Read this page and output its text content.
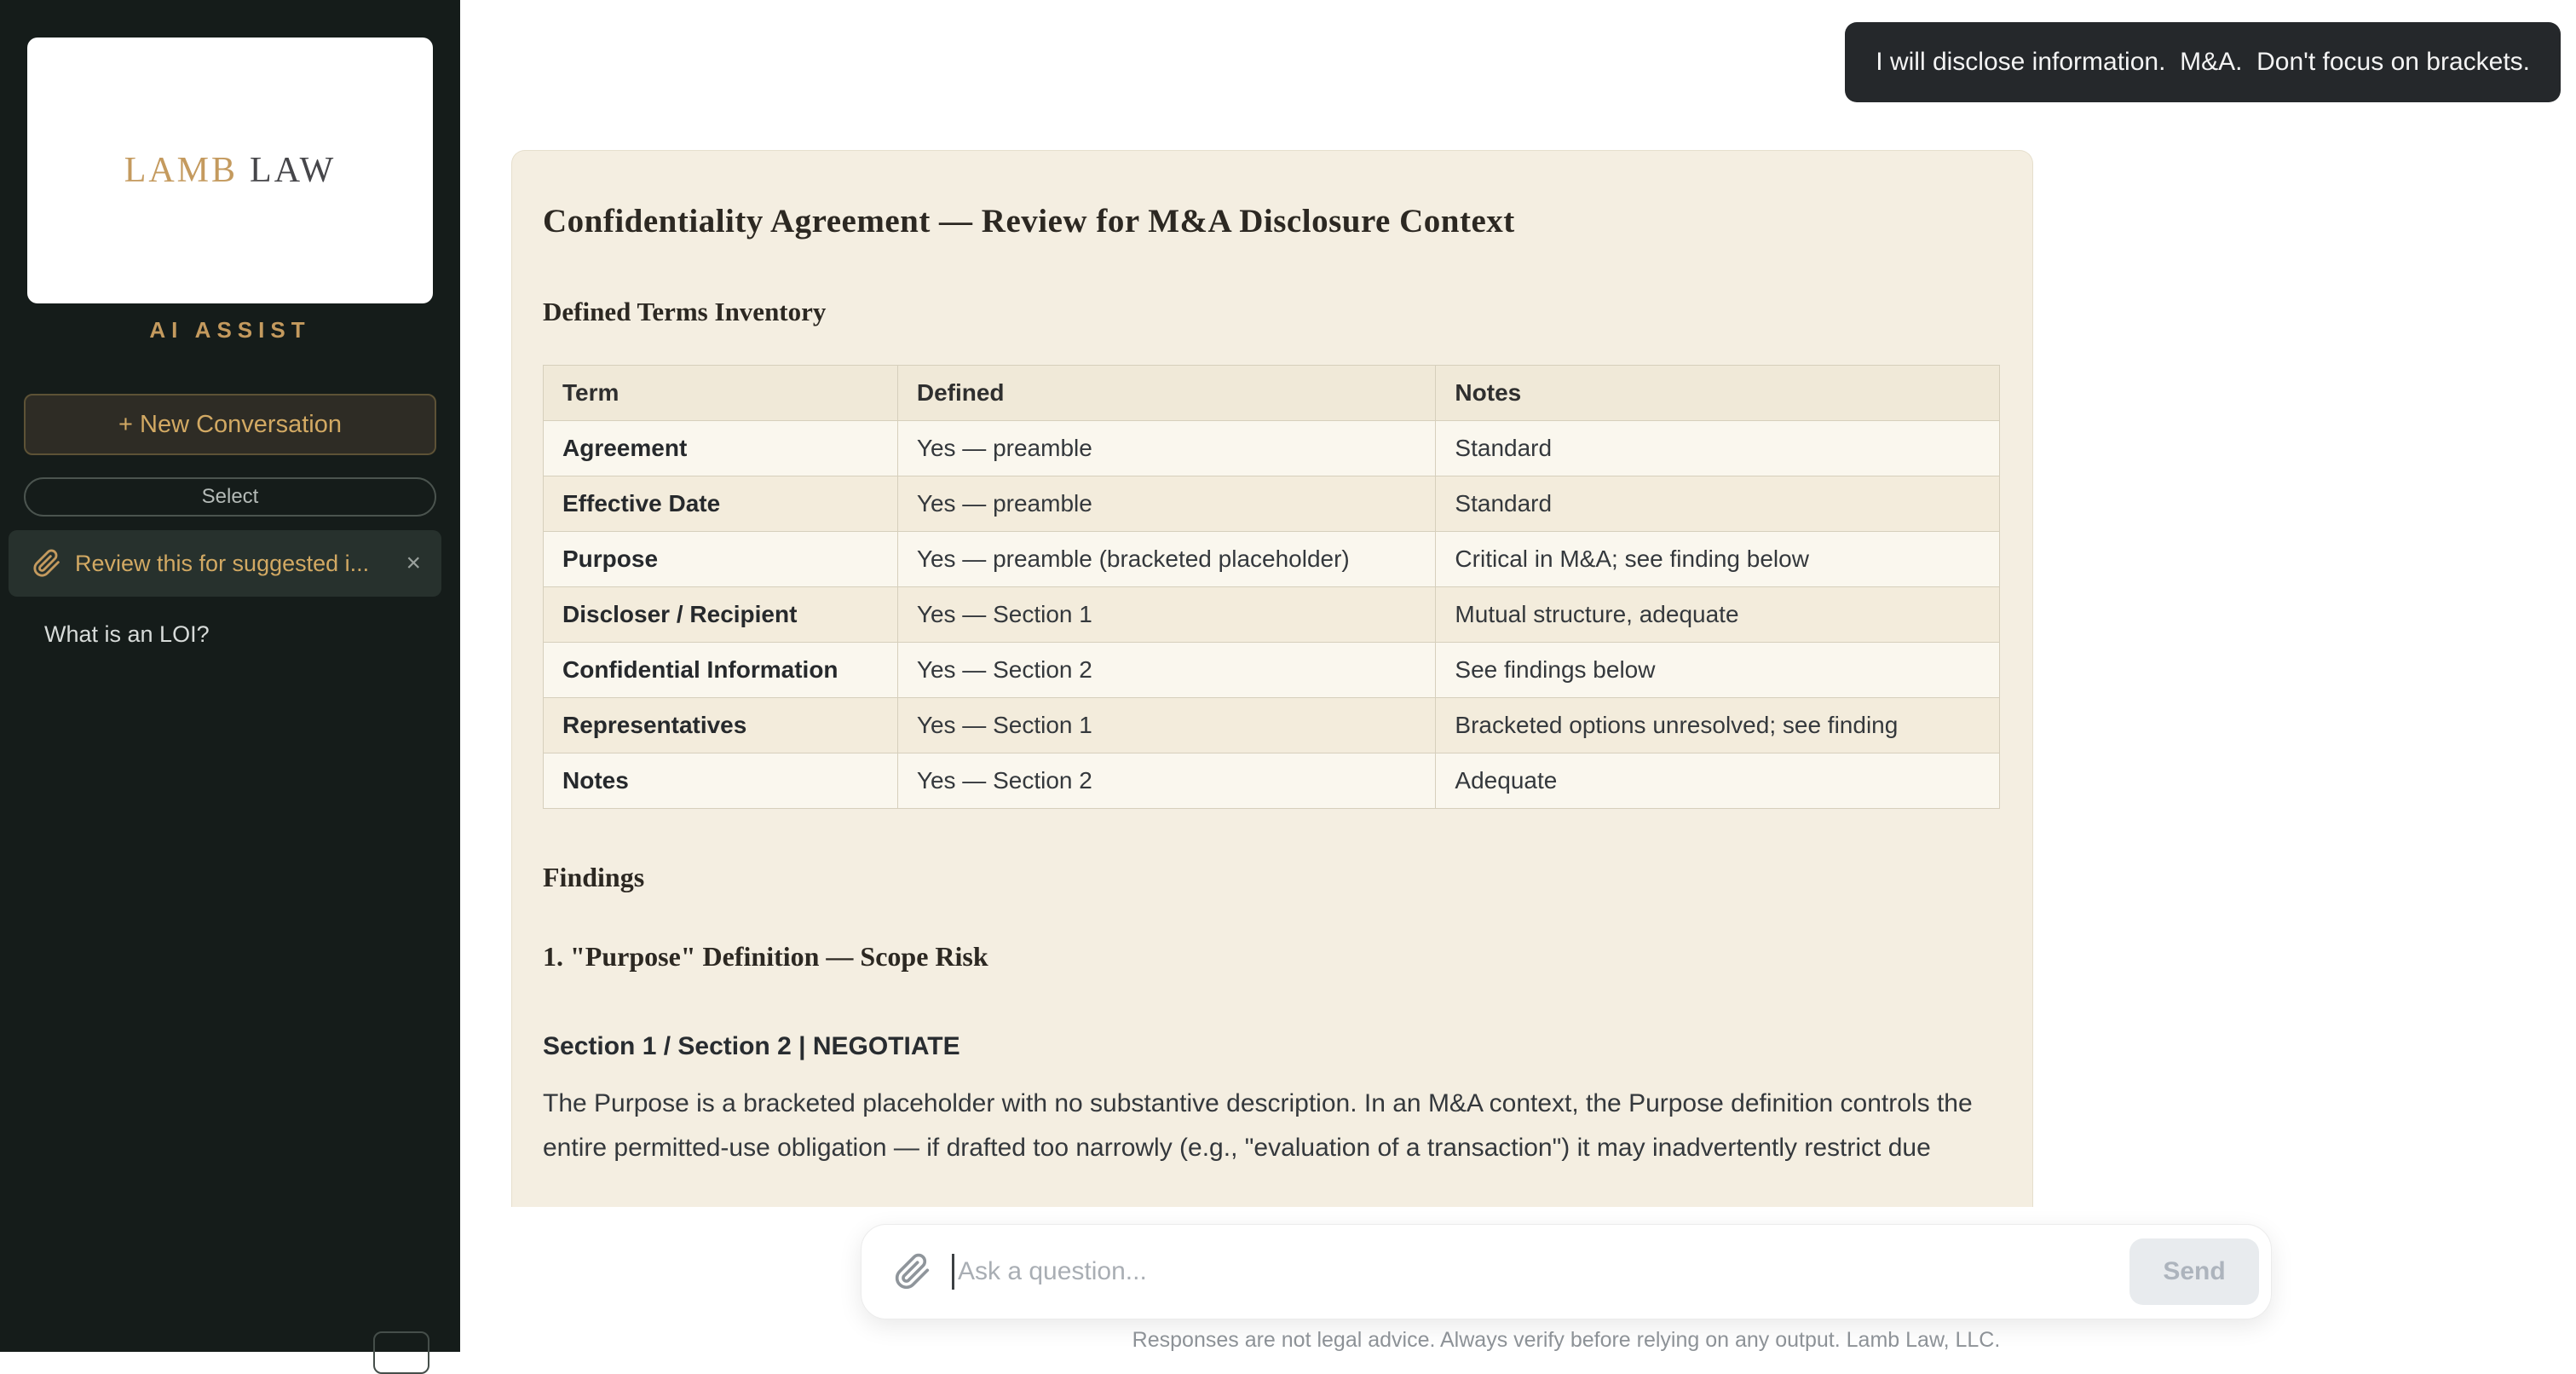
LAMB LAW
AI ASSIST
+ New Conversation
Select
Review this for suggested i...	×
What is an LOI?
I will disclose information.  M&A.  Don't focus on brackets.
Confidentiality Agreement — Review for M&A Disclosure Context
Defined Terms Inventory
Term	Defined	Notes
Agreement	Yes — preamble	Standard
Effective Date	Yes — preamble	Standard
Purpose	Yes — preamble (bracketed placeholder)	Critical in M&A; see finding below
Discloser / Recipient	Yes — Section 1	Mutual structure, adequate
Confidential Information	Yes — Section 2	See findings below
Representatives	Yes — Section 1	Bracketed options unresolved; see finding
Notes	Yes — Section 2	Adequate
Findings
1. "Purpose" Definition — Scope Risk
Section 1 / Section 2 | NEGOTIATE
The Purpose is a bracketed placeholder with no substantive description. In an M&A context, the Purpose definition controls the entire permitted-use obligation — if drafted too narrowly (e.g., "evaluation of a transaction") it may inadvertently restrict due
Ask a question...
Send
Responses are not legal advice. Always verify before relying on any output. Lamb Law, LLC.
